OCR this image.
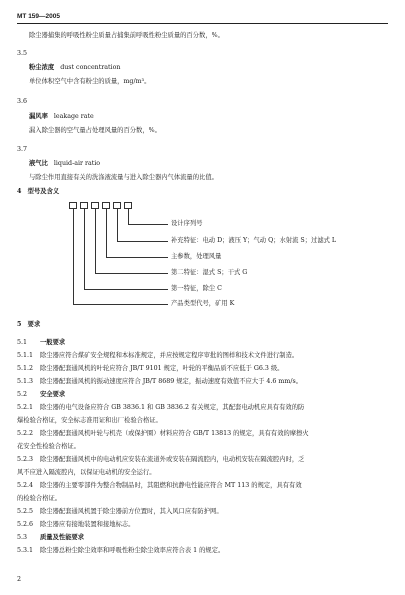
MT 159—2005
除尘器捕集的呼吸性粉尘质量占捕集前呼吸性粉尘质量的百分数，%。
3.5
粉尘浓度 dust concentration
单位体积空气中含有粉尘的质量，mg/m³。
3.6
漏风率 leakage rate
漏入除尘器的空气量占处理风量的百分数，%。
3.7
液气比 liquid-air ratio
与除尘作用直接有关的洗涤液流量与进入除尘器内气体流量的比值。
4　型号及含义
设计序列号
补充特征：电动 D；液压 Y；气动 Q；水射流 S；过滤式 L
主参数，处理风量
第二特征：湿式 S；干式 G
第一特征，除尘 C
产品类型代号，矿用 K
5　要求
5.1 一般要求
5.1.1 除尘器应符合煤矿安全规程和本标准规定，并应按规定程序审批的图样和技术文件进行制造。
5.1.2 除尘器配套通风机的叶轮应符合 JB/T 9101 规定，叶轮的平衡品质不应低于 G6.3 级。
5.1.3 除尘器配套通风机的振动速度应符合 JB/T 8689 规定，振动速度有效值不应大于 4.6 mm/s。
5.2 安全要求
5.2.1 除尘器的电气设备应符合 GB 3836.1 和 GB 3836.2 有关规定，其配套电动机应具有有效的防
爆检验合格证，安全标志准用证和出厂检验合格证。
5.2.2 除尘器配套通风机叶轮与机壳（或保护圈）材料应符合 GB/T 13813 的规定，具有有效的摩擦火
花安全性检验合格证。
5.2.3 除尘器配套通风机中的电动机应安装在流道外或安装在隔流腔内，电动机安装在隔流腔内时，乏
风不应进入隔流腔内，以保证电动机的安全运行。
5.2.4 除尘器的主要零部件为整合物制品时，其阻燃和抗静电性能应符合 MT 113 的规定，具有有效
的检验合格证。
5.2.5 除尘器配套通风机置于除尘器前方位置时，其入风口应有防护网。
5.2.6 除尘器应有接地装置和接地标志。
5.3 质量及性能要求
5.3.1 除尘器总粉尘除尘效率和呼吸性粉尘除尘效率应符合表 1 的规定。
2
